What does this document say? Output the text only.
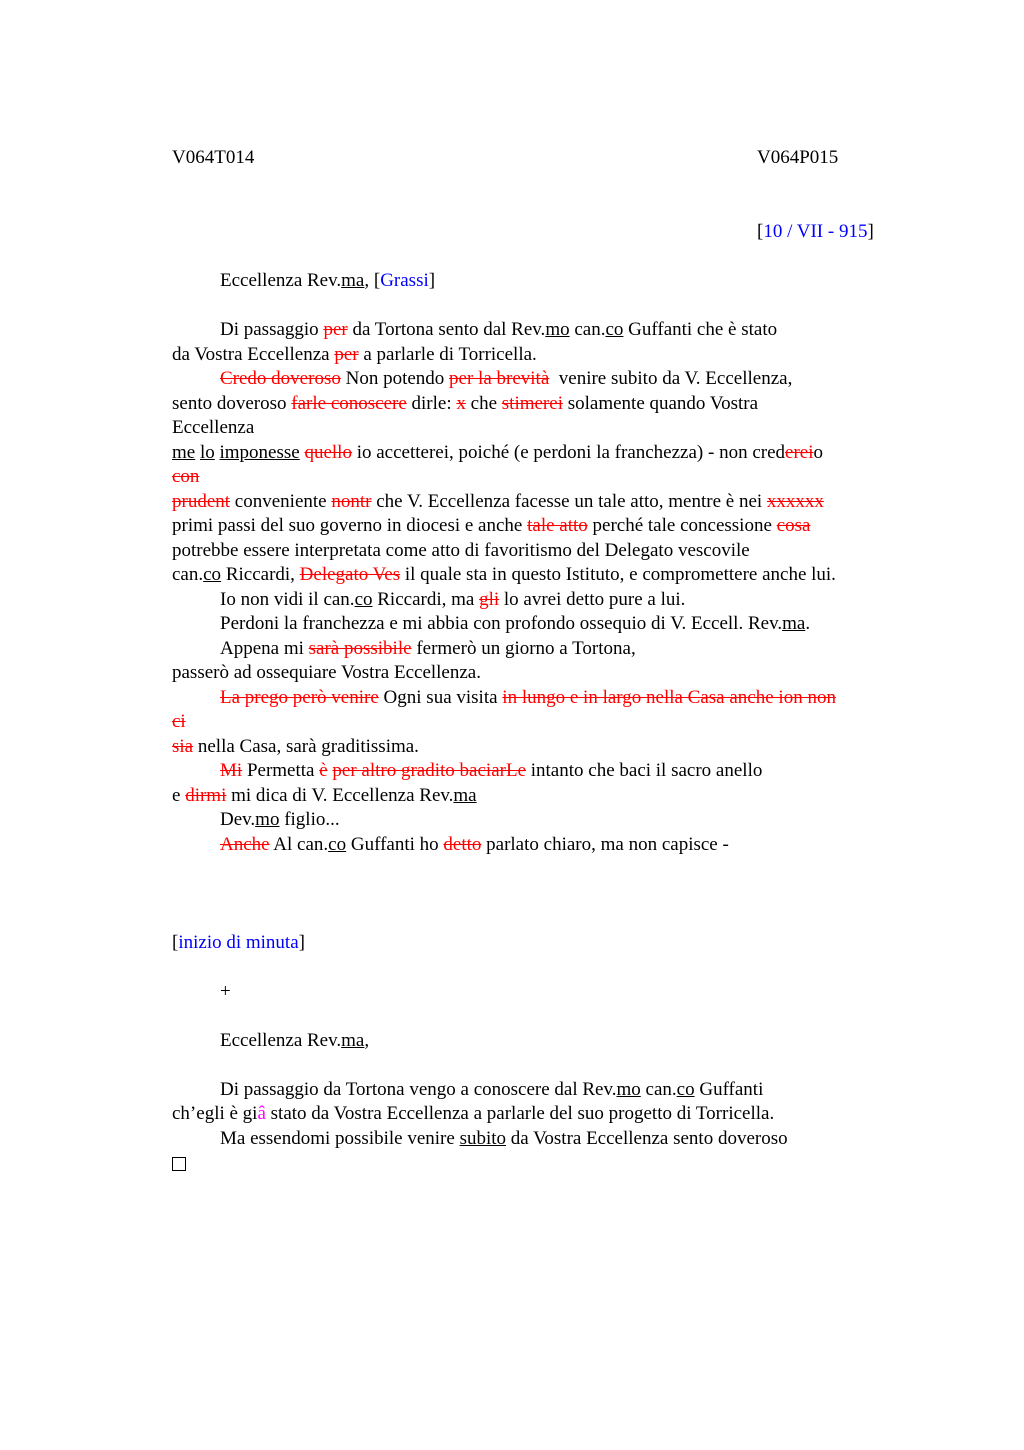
V064T014	V064P015
[10 / VII - 915]
Eccellenza Rev.ma, [Grassi]
Di passaggio per da Tortona sento dal Rev.mo can.co Guffanti che è stato
da Vostra Eccellenza per a parlarle di Torricella.
Credo doveroso Non potendo per la brevità  venire subito da V. Eccellenza,
sento doveroso farle conoscere dirle: x che stimerei solamente quando Vostra
Eccellenza
me lo imponesse quello io accetterei, poiché (e perdoni la franchezza) - non credereio
con
prudent conveniente nontr che V. Eccellenza facesse un tale atto, mentre è nei xxxxxx
primi passi del suo governo in diocesi e anche tale atto perché tale concessione cosa
potrebbe essere interpretata come atto di favoritismo del Delegato vescovile
can.co Riccardi, Delegato Ves il quale sta in questo Istituto, e compromettere anche lui.
Io non vidi il can.co Riccardi, ma gli lo avrei detto pure a lui.
Perdoni la franchezza e mi abbia con profondo ossequio di V. Eccell. Rev.ma.
Appena mi sarà possibile fermerò un giorno a Tortona,
passerò ad ossequiare Vostra Eccellenza.
La prego però venire Ogni sua visita in lungo e in largo nella Casa anche ion non
ci
sia nella Casa, sarà graditissima.
Mi Permetta è per altro gradito baciarLe intanto che baci il sacro anello
e dirmi mi dica di V. Eccellenza Rev.ma
Dev.mo figlio...
Anche Al can.co Guffanti ho detto parlato chiaro, ma non capisce -
[inizio di minuta]
+
Eccellenza Rev.ma,
Di passaggio da Tortona vengo a conoscere dal Rev.mo can.co Guffanti
ch’egli è giâ stato da Vostra Eccellenza a parlarle del suo progetto di Torricella.
Ma essendomi possibile venire subito da Vostra Eccellenza sento doveroso
